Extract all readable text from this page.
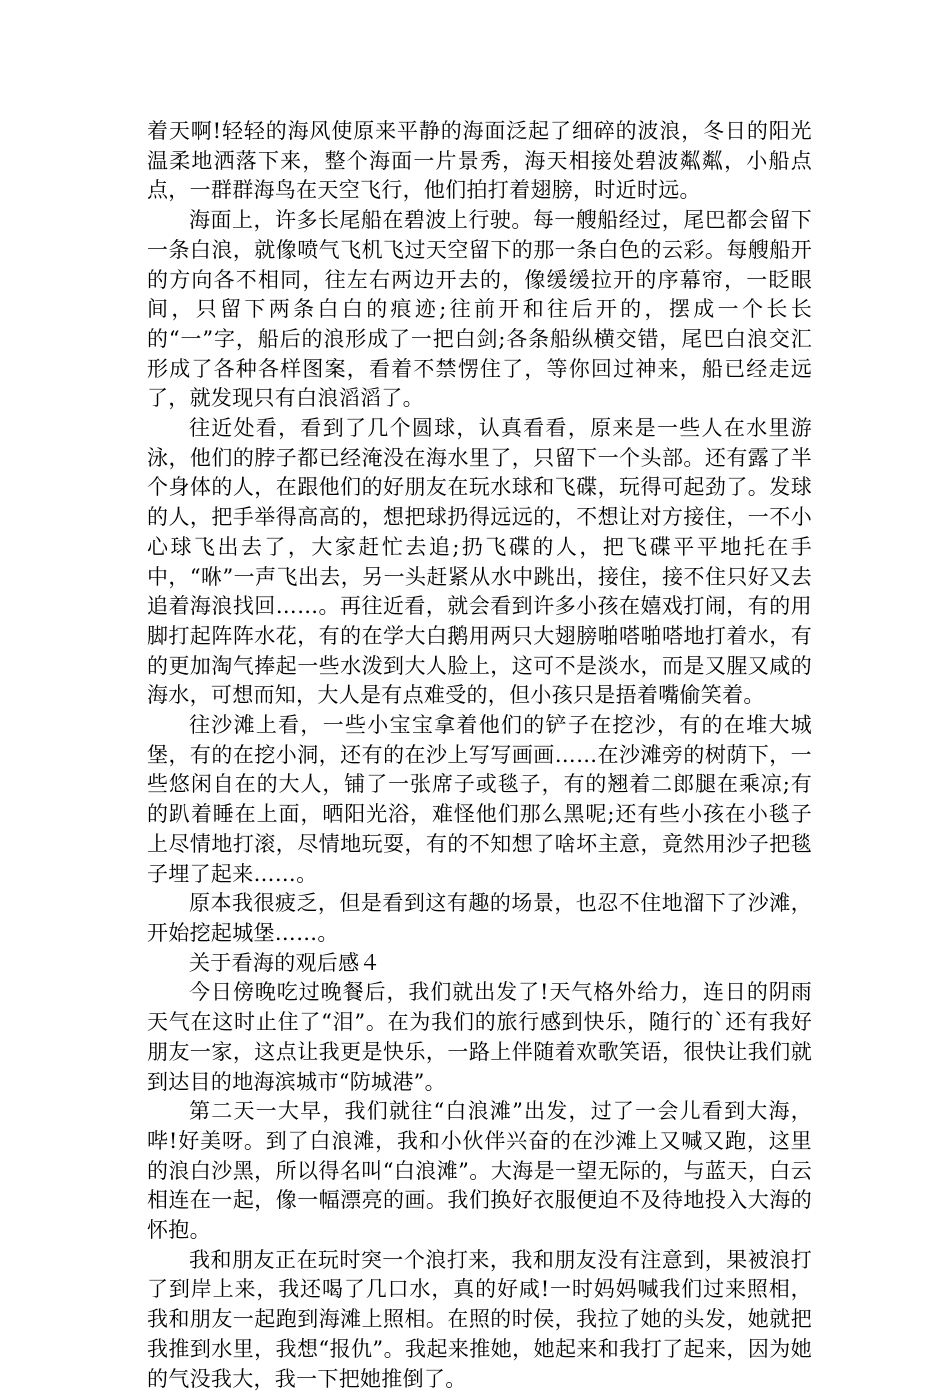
着天啊!轻轻的海风使原来平静的海面泛起了细碎的波浪，冬日的阳光温柔地洒落下来，整个海面一片景秀，海天相接处碧波粼粼，小船点点，一群群海鸟在天空飞行，他们拍打着翅膀，时近时远。

海面上，许多长尾船在碧波上行驶。每一艘船经过，尾巴都会留下一条白浪，就像喷气飞机飞过天空留下的那一条白色的云彩。每艘船开的方向各不相同，往左右两边开去的，像缓缓拉开的序幕帘，一眨眼间，只留下两条白白的痕迹;往前开和往后开的，摆成一个长长的“一”字，船后的浪形成了一把白剑;各条船纵横交错，尾巴白浪交汇形成了各种各样图案，看着不禁愣住了，等你回过神来，船已经走远了，就发现只有白浪滔滔了。

往近处看，看到了几个圆球，认真看看，原来是一些人在水里游泳，他们的脖子都已经淹没在海水里了，只留下一个头部。还有露了半个身体的人，在跟他们的好朋友在玩水球和飞碟，玩得可起劲了。发球的人，把手举得高高的，想把球扔得远远的，不想让对方接住，一不小心球飞出去了，大家赶忙去追;扔飞碟的人，把飞碟平平地托在手中，“咻”一声飞出去，另一头赶紧从水中跳出，接住，接不住只好又去追着海浪找回……。再往近看，就会看到许多小孩在嬉戏打闹，有的用脚打起阵阵水花，有的在学大白鹅用两只大翅膀啪嗒啪嗒地打着水，有的更加淘气捧起一些水泼到大人脸上，这可不是淡水，而是又腥又咸的海水，可想而知，大人是有点难受的，但小孩只是捂着嘴偷笑着。

往沙滩上看，一些小宝宝拿着他们的铲子在挖沙，有的在堆大城堡，有的在挖小洞，还有的在沙上写写画画……在沙滩旁的树荫下，一些悠闲自在的大人，铺了一张席子或毯子，有的翘着二郎腿在乘凉;有的趴着睡在上面，晒阳光浴，难怪他们那么黑呢;还有些小孩在小毯子上尽情地打滚，尽情地玩耍，有的不知想了啥坏主意，竟然用沙子把毯子埋了起来……。

原本我很疲乏，但是看到这有趣的场景，也忍不住地溜下了沙滩，开始挖起城堡……。

关于看海的观后感４

今日傍晚吃过晚餐后，我们就出发了!天气格外给力，连日的阴雨天气在这时止住了“泪”。在为我们的旅行感到快乐，随行的`还有我好朋友一家，这点让我更是快乐，一路上伴随着欢歌笑语，很快让我们就到达目的地海滨城市“防城港”。

第二天一大早，我们就往“白浪滩”出发，过了一会儿看到大海，哔!好美呀。到了白浪滩，我和小伙伴兴奋的在沙滩上又喊又跑，这里的浪白沙黑，所以得名叫“白浪滩”。大海是一望无际的，与蓝天，白云相连在一起，像一幅漂亮的画。我们换好衣服便迫不及待地投入大海的怀抱。

我和朋友正在玩时突一个浪打来，我和朋友没有注意到，果被浪打了到岸上来，我还喝了几口水，真的好咸!一时妈妈喊我们过来照相，我和朋友一起跑到海滩上照相。在照的时侯，我拉了她的头发，她就把我推到水里，我想“报仇”。我起来推她，她起来和我打了起来，因为她的气没我大，我一下把她推倒了。
